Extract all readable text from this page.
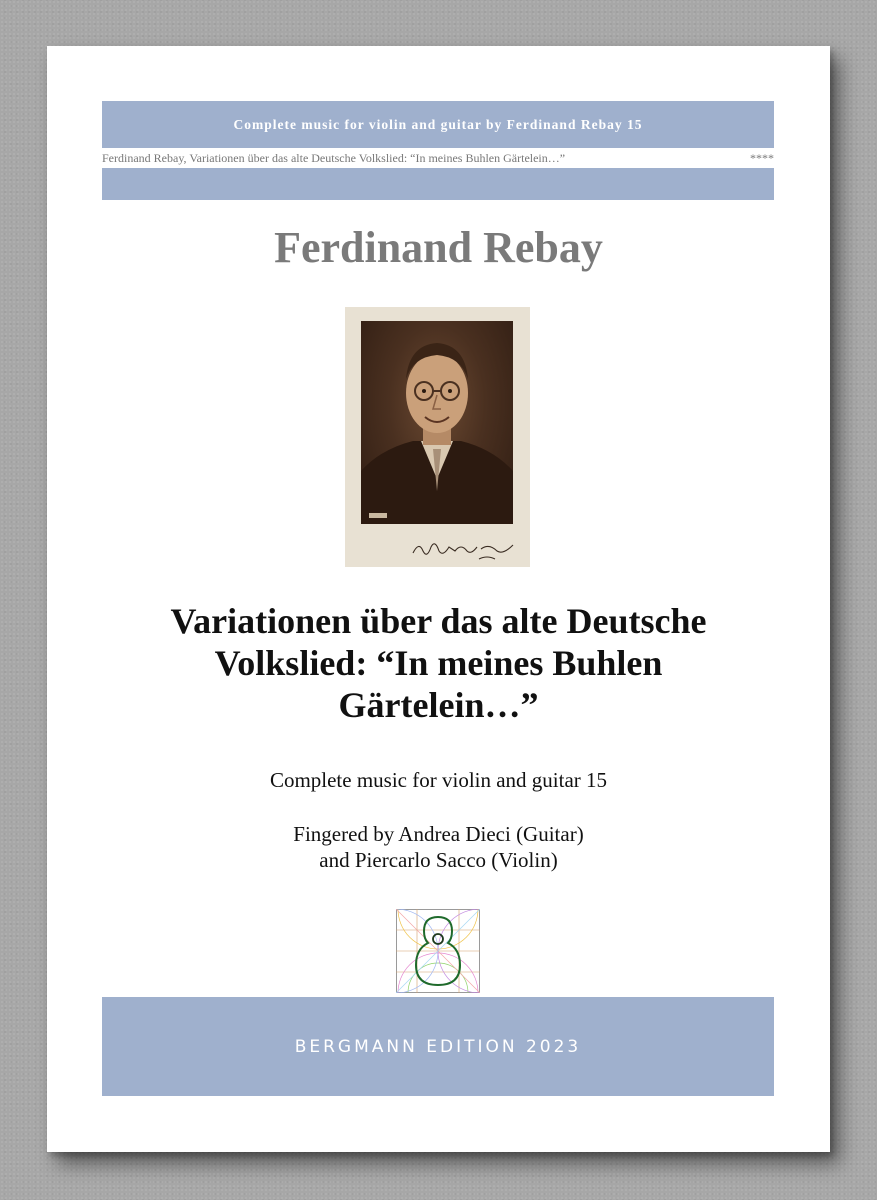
Complete music for violin and guitar by Ferdinand Rebay 15
Ferdinand Rebay, Variationen über das alte Deutsche Volkslied: “In meines Buhlen Gärtelein…”	****
Ferdinand Rebay
Variationen über das alte Deutsche
Volkslied: “In meines Buhlen
Gärtelein…”
Complete music for violin and guitar 15
Fingered by Andrea Dieci (Guitar)
and Piercarlo Sacco (Violin)
BERGMANN EDITION 2023
